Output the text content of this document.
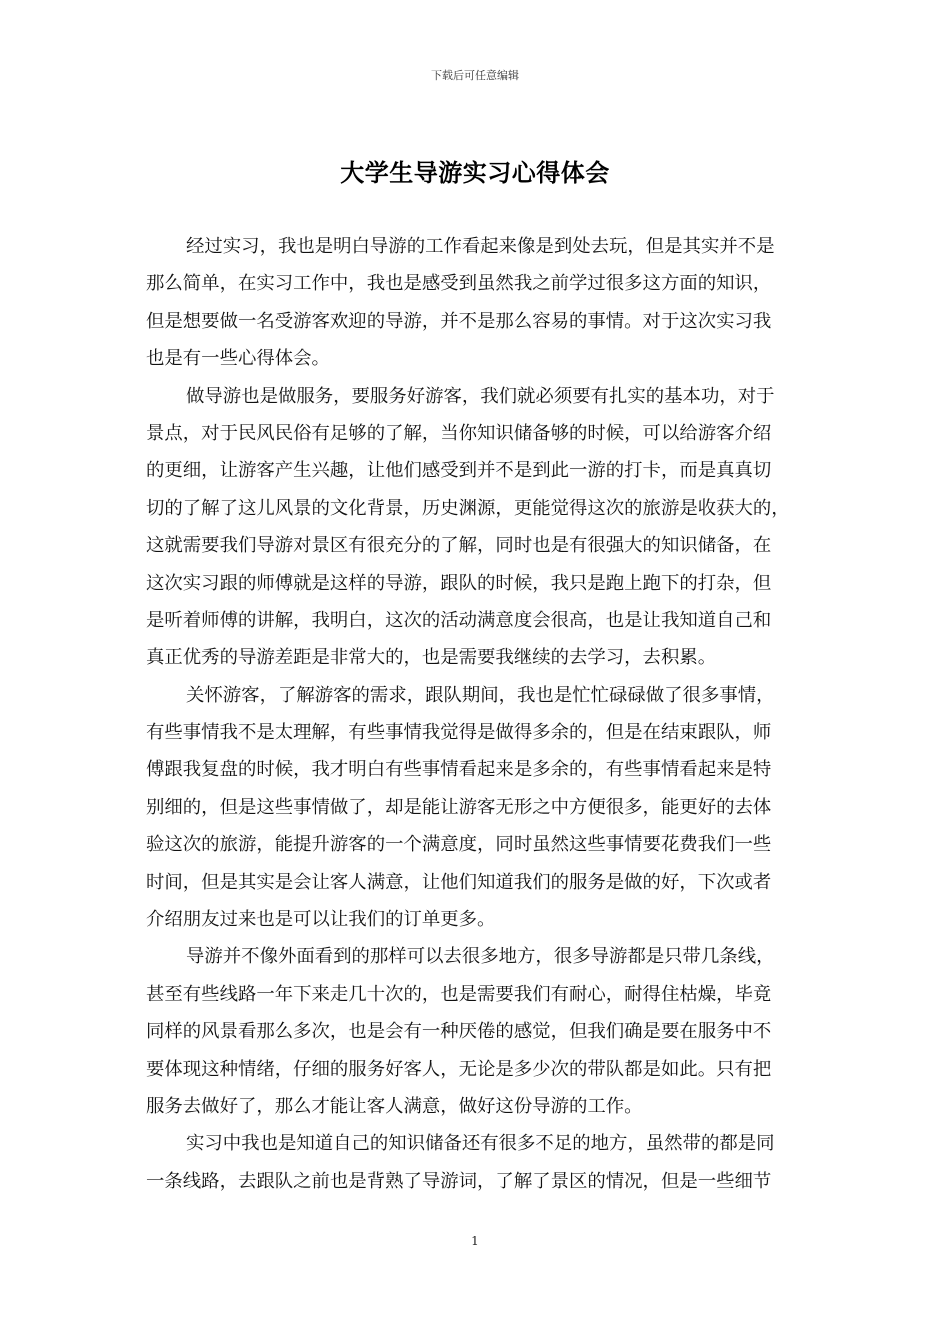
下载后可任意编辑
大学生导游实习心得体会
经过实习，我也是明白导游的工作看起来像是到处去玩，但是其实并不是
那么简单，在实习工作中，我也是感受到虽然我之前学过很多这方面的知识，
但是想要做一名受游客欢迎的导游，并不是那么容易的事情。对于这次实习我
也是有一些心得体会。
做导游也是做服务，要服务好游客，我们就必须要有扎实的基本功，对于
景点，对于民风民俗有足够的了解，当你知识储备够的时候，可以给游客介绍
的更细，让游客产生兴趣，让他们感受到并不是到此一游的打卡，而是真真切
切的了解了这儿风景的文化背景，历史渊源，更能觉得这次的旅游是收获大的，
这就需要我们导游对景区有很充分的了解，同时也是有很强大的知识储备，在
这次实习跟的师傅就是这样的导游，跟队的时候，我只是跑上跑下的打杂，但
是听着师傅的讲解，我明白，这次的活动满意度会很高，也是让我知道自己和
真正优秀的导游差距是非常大的，也是需要我继续的去学习，去积累。
关怀游客，了解游客的需求，跟队期间，我也是忙忙碌碌做了很多事情，
有些事情我不是太理解，有些事情我觉得是做得多余的，但是在结束跟队，师
傅跟我复盘的时候，我才明白有些事情看起来是多余的，有些事情看起来是特
别细的，但是这些事情做了，却是能让游客无形之中方便很多，能更好的去体
验这次的旅游，能提升游客的一个满意度，同时虽然这些事情要花费我们一些
时间，但是其实是会让客人满意，让他们知道我们的服务是做的好，下次或者
介绍朋友过来也是可以让我们的订单更多。
导游并不像外面看到的那样可以去很多地方，很多导游都是只带几条线，
甚至有些线路一年下来走几十次的，也是需要我们有耐心，耐得住枯燥，毕竟
同样的风景看那么多次，也是会有一种厌倦的感觉，但我们确是要在服务中不
要体现这种情绪，仔细的服务好客人，无论是多少次的带队都是如此。只有把
服务去做好了，那么才能让客人满意，做好这份导游的工作。
实习中我也是知道自己的知识储备还有很多不足的地方，虽然带的都是同
一条线路，去跟队之前也是背熟了导游词，了解了景区的情况，但是一些细节
1
